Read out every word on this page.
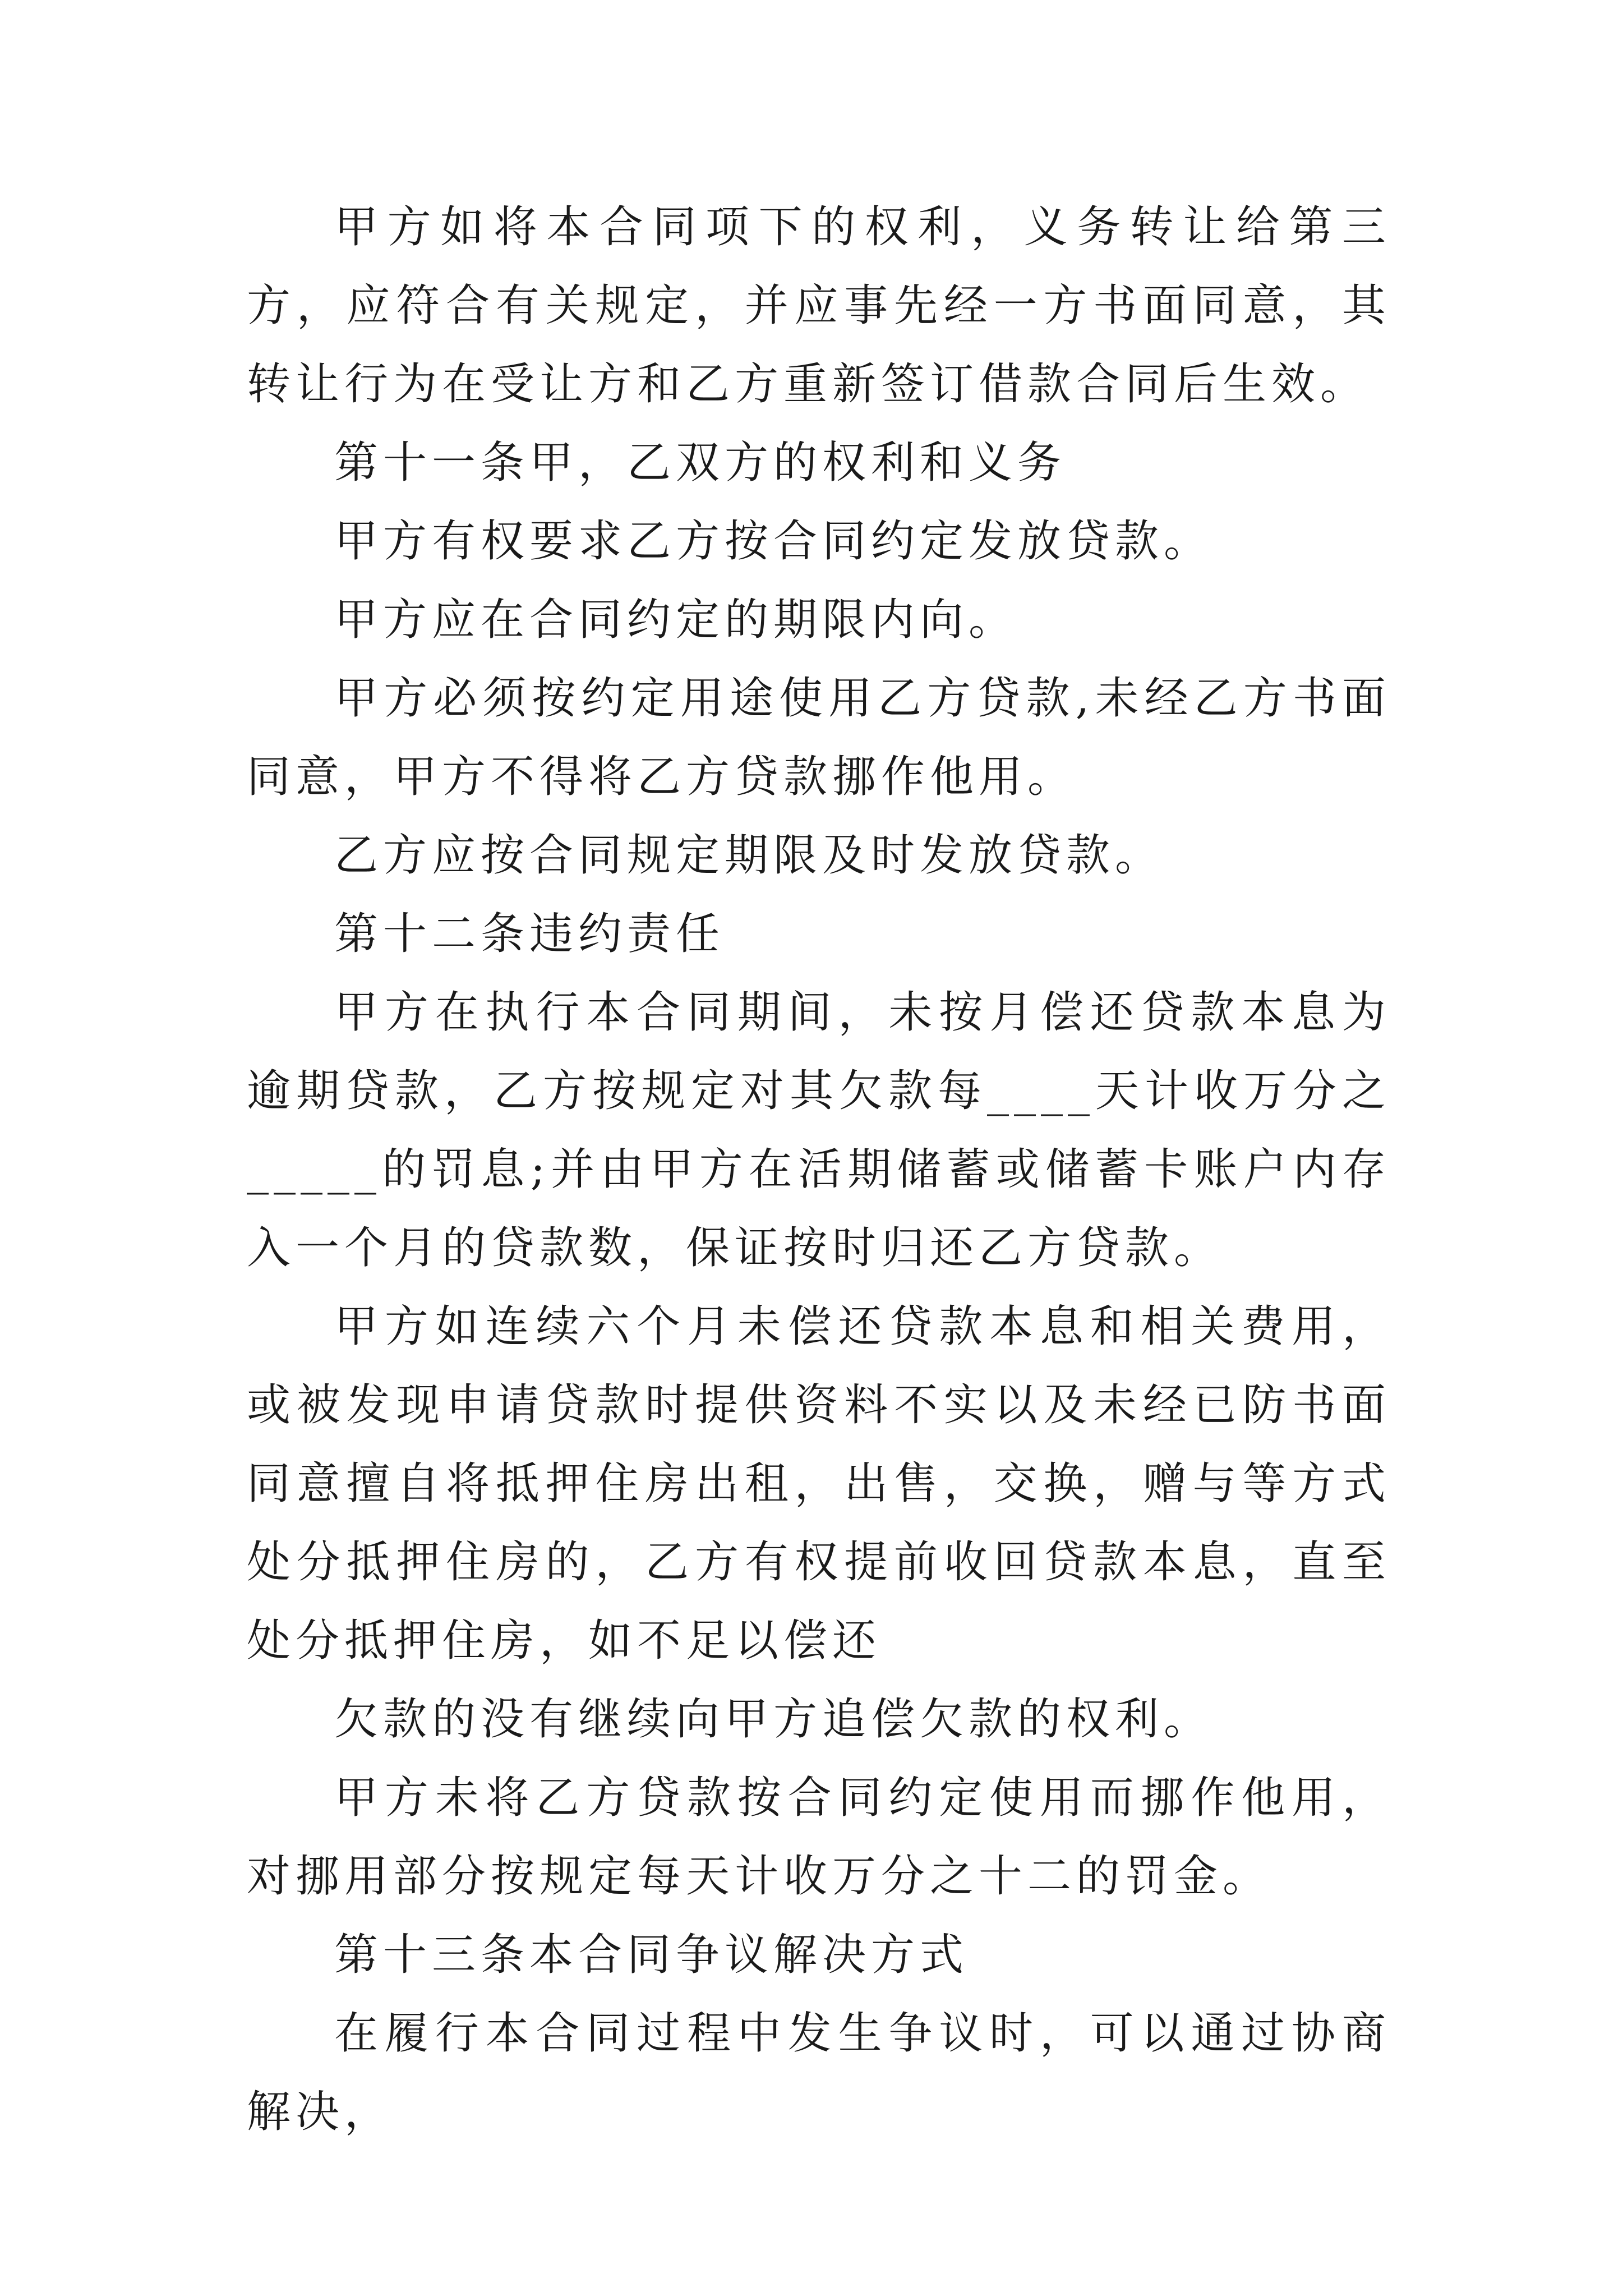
甲方如将本合同项下的权利，义务转让给第三方，应符合有关规定，并应事先经一方书面同意，其转让行为在受让方和乙方重新签订借款合同后生效。

第十一条甲，乙双方的权利和义务

甲方有权要求乙方按合同约定发放贷款。

甲方应在合同约定的期限内向。

甲方必须按约定用途使用乙方贷款,未经乙方书面同意，甲方不得将乙方贷款挪作他用。

乙方应按合同规定期限及时发放贷款。

第十二条违约责任

甲方在执行本合同期间，未按月偿还贷款本息为逾期贷款，乙方按规定对其欠款每____天计收万分之_____的罚息;并由甲方在活期储蓄或储蓄卡账户内存入一个月的贷款数，保证按时归还乙方贷款。

甲方如连续六个月未偿还贷款本息和相关费用，或被发现申请贷款时提供资料不实以及未经已防书面同意擅自将抵押住房出租，出售，交换，赠与等方式处分抵押住房的，乙方有权提前收回贷款本息，直至处分抵押住房，如不足以偿还

欠款的没有继续向甲方追偿欠款的权利。

甲方未将乙方贷款按合同约定使用而挪作他用，对挪用部分按规定每天计收万分之十二的罚金。

第十三条本合同争议解决方式

在履行本合同过程中发生争议时，可以通过协商解决，
